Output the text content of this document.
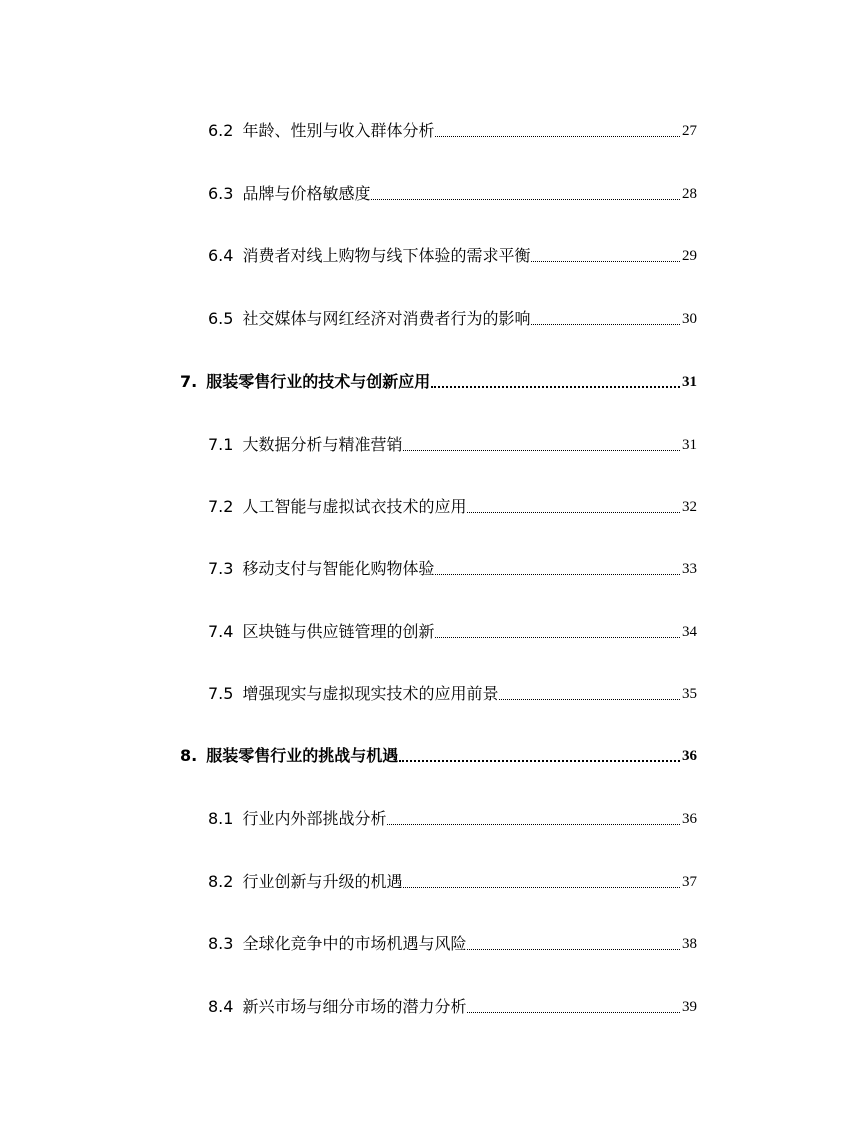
6.2 年龄、性别与收入群体分析	27
6.3 品牌与价格敏感度	28
6.4 消费者对线上购物与线下体验的需求平衡	29
6.5 社交媒体与网红经济对消费者行为的影响	30
7. 服装零售行业的技术与创新应用	31
7.1 大数据分析与精准营销	31
7.2 人工智能与虚拟试衣技术的应用	32
7.3 移动支付与智能化购物体验	33
7.4 区块链与供应链管理的创新	34
7.5 增强现实与虚拟现实技术的应用前景	35
8. 服装零售行业的挑战与机遇	36
8.1 行业内外部挑战分析	36
8.2 行业创新与升级的机遇	37
8.3 全球化竞争中的市场机遇与风险	38
8.4 新兴市场与细分市场的潜力分析	39
